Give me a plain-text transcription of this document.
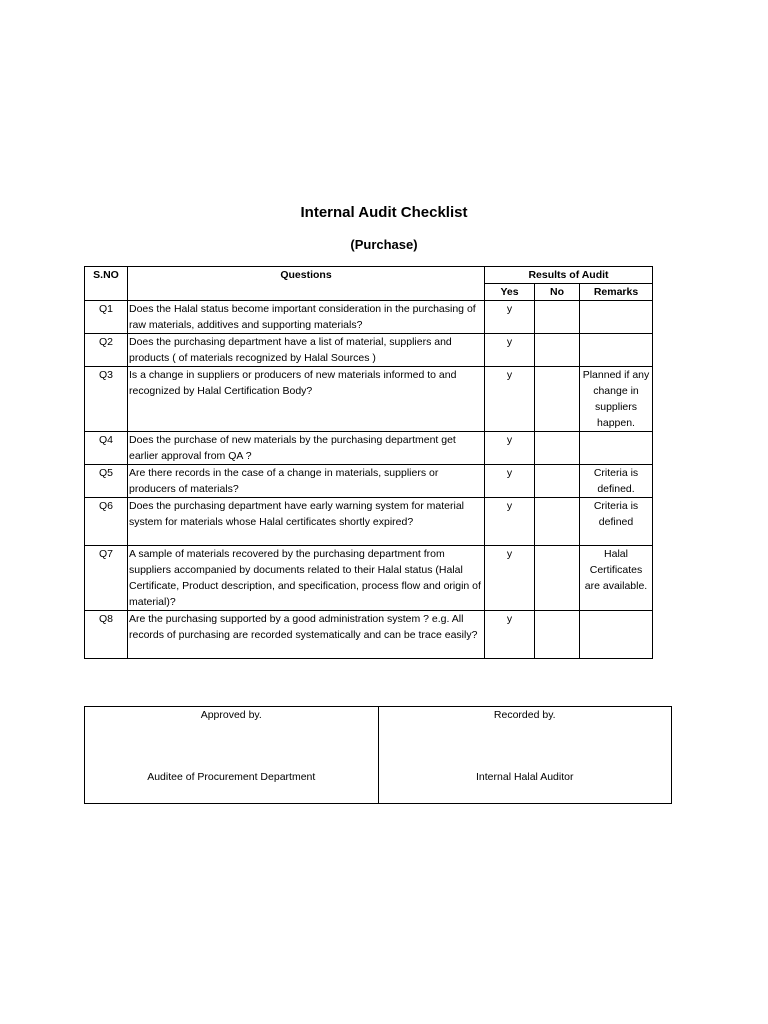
Internal Audit Checklist
(Purchase)
S.NO	Questions	Results of Audit		
		Yes	No	Remarks
Q1	Does the Halal status become important consideration in the purchasing of raw materials, additives and supporting materials?	y		
Q2	Does the purchasing department have a list of material, suppliers and products ( of materials recognized by Halal Sources )	y		
Q3	Is a change in suppliers or producers of new materials informed to and recognized by Halal Certification Body?	y		Planned if any change in suppliers happen.
Q4	Does the purchase of new materials by the purchasing department get earlier approval from QA ?	y		
Q5	Are there records in the case of a change in materials, suppliers or producers of materials?	y		Criteria is defined.
Q6	Does the purchasing department have early warning system for material system for materials whose Halal certificates shortly expired?	y		Criteria is defined
Q7	A sample of materials recovered by the purchasing department from suppliers accompanied by documents related to their Halal status (Halal Certificate, Product description, and specification, process flow and origin of material)?	y		Halal Certificates are available.
Q8	Are the purchasing supported by a good administration system ? e.g. All records of purchasing are recorded systematically and can be trace easily?	y		
Approved by.
Auditee of Procurement Department

Recorded by.
Internal Halal Auditor
